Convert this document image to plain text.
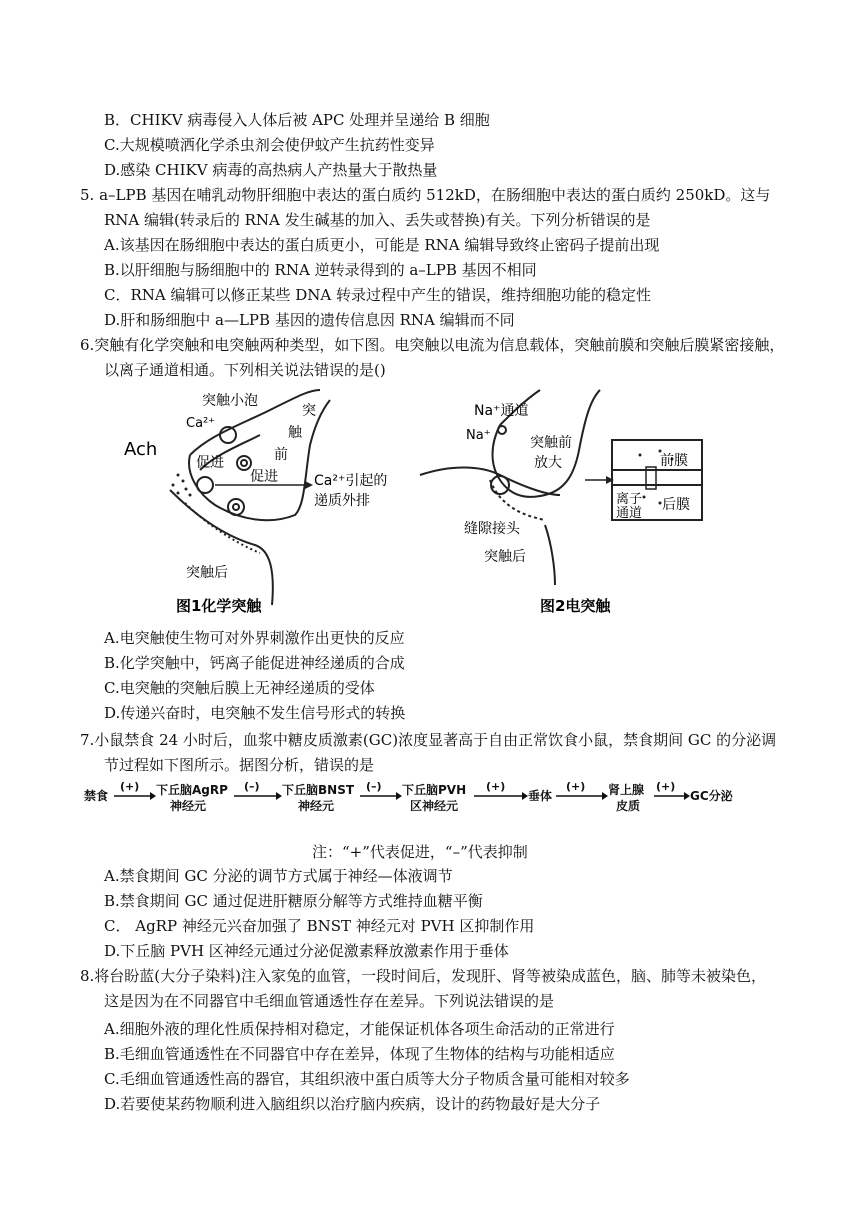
B．CHIKV 病毒侵入人体后被 APC 处理并呈递给 B 细胞
C.大规模喷洒化学杀虫剂会使伊蚊产生抗药性变异
D.感染 CHIKV 病毒的高热病人产热量大于散热量
5. a–LPB 基因在哺乳动物肝细胞中表达的蛋白质约 512kD，在肠细胞中表达的蛋白质约 250kD。这与
RNA 编辑(转录后的 RNA 发生碱基的加入、丢失或替换)有关。下列分析错误的是
A.该基因在肠细胞中表达的蛋白质更小，可能是 RNA 编辑导致终止密码子提前出现
B.以肝细胞与肠细胞中的 RNA 逆转录得到的 a–LPB 基因不相同
C．RNA 编辑可以修正某些 DNA 转录过程中产生的错误，维持细胞功能的稳定性
D.肝和肠细胞中 a—LPB 基因的遗传信息因 RNA 编辑而不同
6.突触有化学突触和电突触两种类型，如下图。电突触以电流为信息载体，突触前膜和突触后膜紧密接触，
以离子通道相通。下列相关说法错误的是()
Ach
突触小泡
Ca²⁺
突
触
前
促进
促进	Ca²⁺引起的
递质外排
突触后
图1化学突触
Na⁺通道
Na⁺	突触前
放大
缝隙接头
突触后
前膜
离子
通道
后膜
图2电突触
A.电突触使生物可对外界刺激作出更快的反应
B.化学突触中，钙离子能促进神经递质的合成
C.电突触的突触后膜上无神经递质的受体
D.传递兴奋时，电突触不发生信号形式的转换
7.小鼠禁食 24 小时后，血浆中糖皮质激素(GC)浓度显著高于自由正常饮食小鼠，禁食期间 GC 的分泌调
节过程如下图所示。据图分析，错误的是
禁食	下丘脑AgRP
神经元
下丘脑BNST
神经元
下丘脑PVH
区神经元
垂体	肾上腺
皮质
GC分泌
(+)	(–)	(–)	(+)	(+)	(+)
注：“+”代表促进，“–”代表抑制
A.禁食期间 GC 分泌的调节方式属于神经—体液调节
B.禁食期间 GC 通过促进肝糖原分解等方式维持血糖平衡
C． AgRP 神经元兴奋加强了 BNST 神经元对 PVH 区抑制作用
D.下丘脑 PVH 区神经元通过分泌促激素释放激素作用于垂体
8.将台盼蓝(大分子染料)注入家兔的血管，一段时间后，发现肝、肾等被染成蓝色，脑、肺等未被染色，
这是因为在不同器官中毛细血管通透性存在差异。下列说法错误的是
A.细胞外液的理化性质保持相对稳定，才能保证机体各项生命活动的正常进行
B.毛细血管通透性在不同器官中存在差异，体现了生物体的结构与功能相适应
C.毛细血管通透性高的器官，其组织液中蛋白质等大分子物质含量可能相对较多
D.若要使某药物顺利进入脑组织以治疗脑内疾病，设计的药物最好是大分子
